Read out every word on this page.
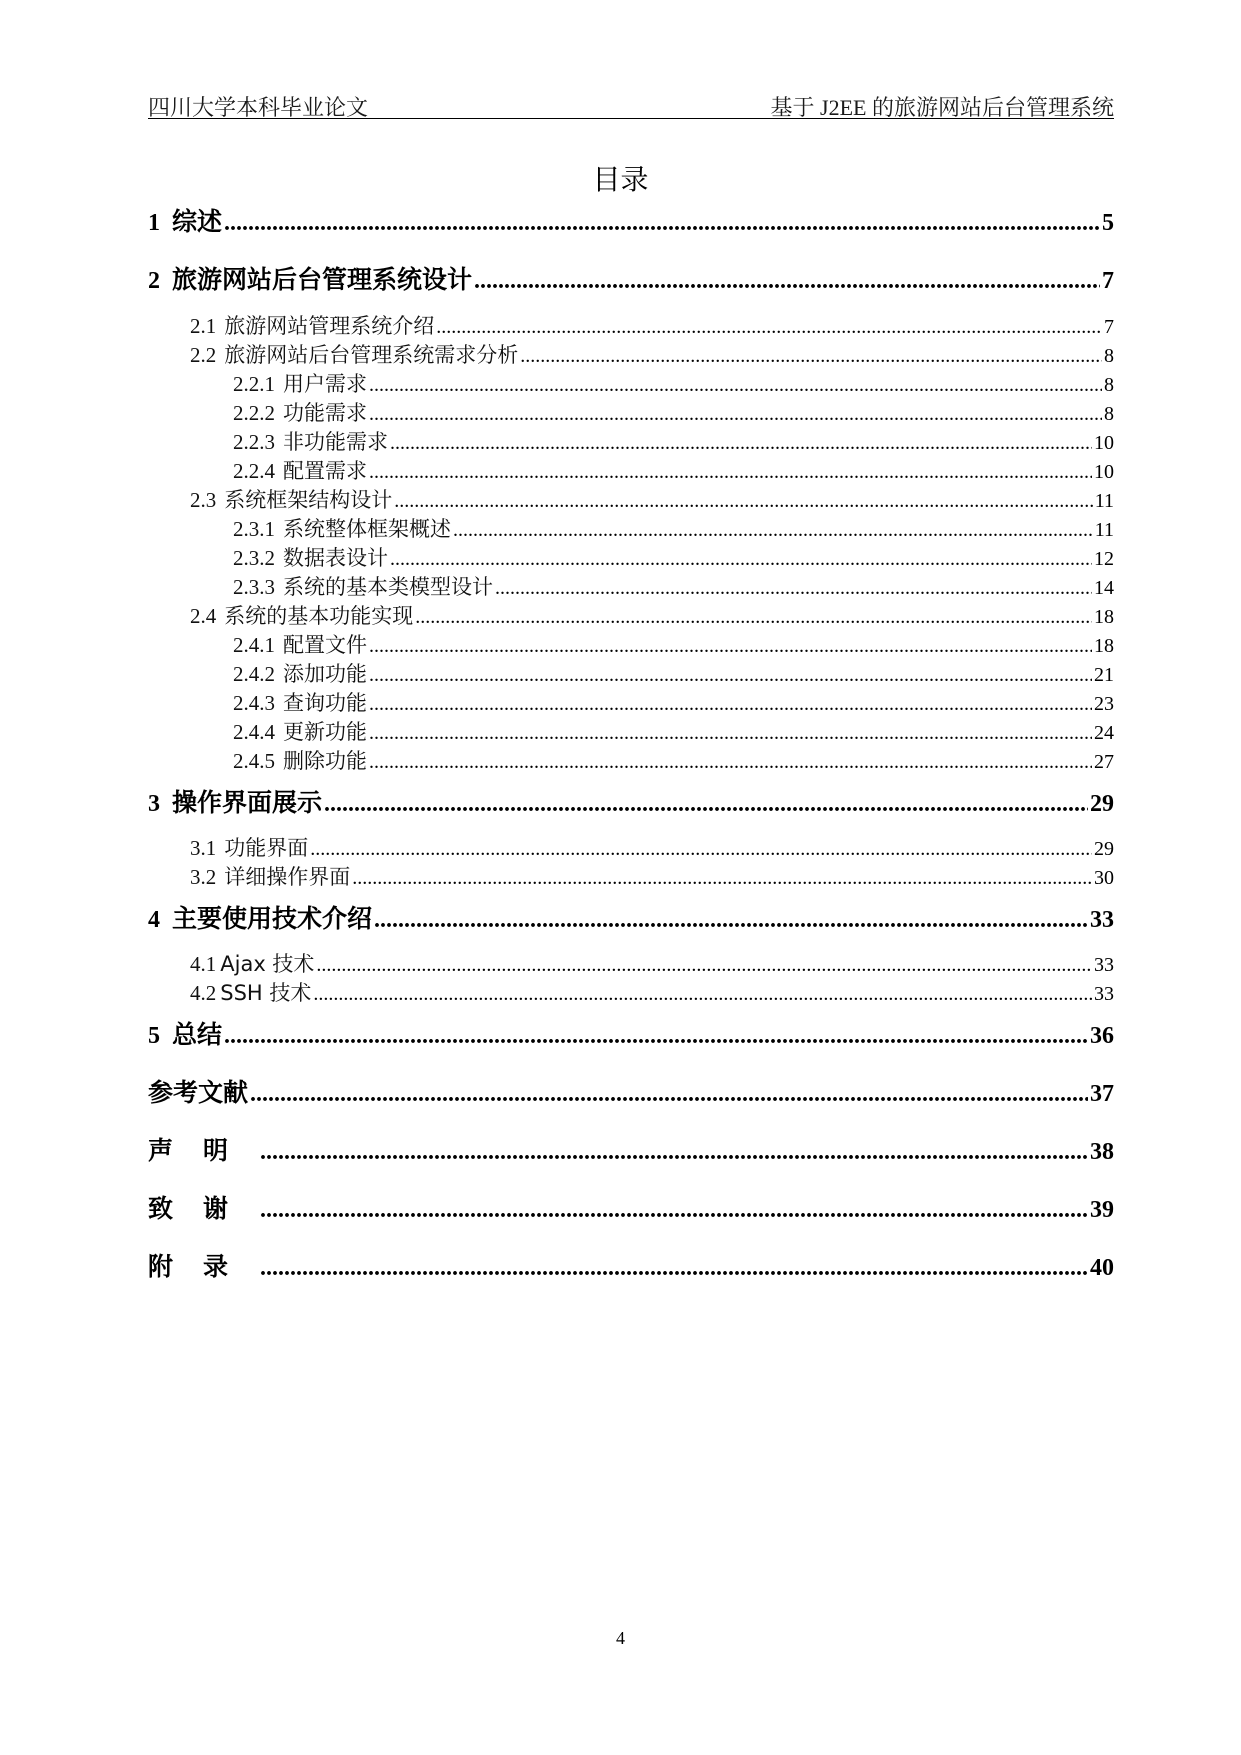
四川大学本科毕业论文	基于 J2EE 的旅游网站后台管理系统
目录
1 综述 .....	5
2 旅游网站后台管理系统设计 .....	7
2.1 旅游网站管理系统介绍 .....	7
2.2 旅游网站后台管理系统需求分析 .....	8
2.2.1 用户需求 .....	8
2.2.2 功能需求 .....	8
2.2.3 非功能需求 .....	10
2.2.4 配置需求 .....	10
2.3 系统框架结构设计 .....	11
2.3.1 系统整体框架概述 .....	11
2.3.2 数据表设计 .....	12
2.3.3 系统的基本类模型设计 .....	14
2.4 系统的基本功能实现 .....	18
2.4.1 配置文件 .....	18
2.4.2 添加功能 .....	21
2.4.3 查询功能 .....	23
2.4.4 更新功能 .....	24
2.4.5 删除功能 .....	27
3 操作界面展示 .....	29
3.1 功能界面 .....	29
3.2 详细操作界面 .....	30
4 主要使用技术介绍 .....	33
4.1 Ajax 技术 .....	33
4.2 SSH 技术 .....	33
5 总结 .....	36
参考文献 .....	37
声明 .....	38
致谢 .....	39
附录 .....	40
4
